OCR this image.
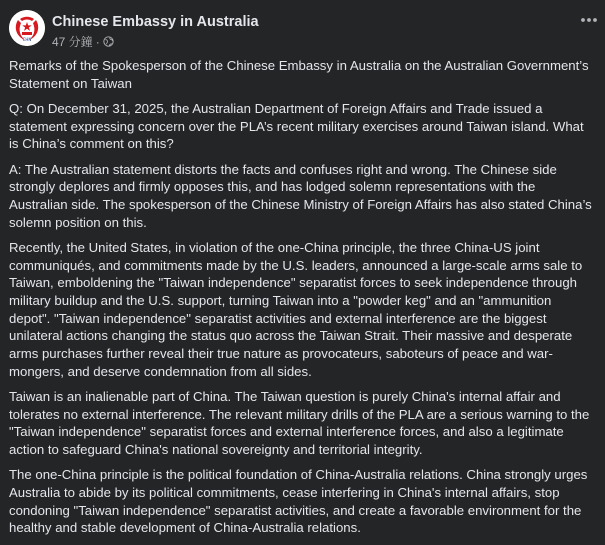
CHN
Chinese Embassy in Australia
47 分鐘 ·

Remarks of the Spokesperson of the Chinese Embassy in Australia on the Australian Government’s Statement on Taiwan

Q: On December 31, 2025, the Australian Department of Foreign Affairs and Trade issued a statement expressing concern over the PLA’s recent military exercises around Taiwan island. What is China’s comment on this?

A: The Australian statement distorts the facts and confuses right and wrong. The Chinese side strongly deplores and firmly opposes this, and has lodged solemn representations with the Australian side. The spokesperson of the Chinese Ministry of Foreign Affairs has also stated China’s solemn position on this.

Recently, the United States, in violation of the one-China principle, the three China-US joint communiqués, and commitments made by the U.S. leaders, announced a large-scale arms sale to Taiwan, emboldening the "Taiwan independence" separatist forces to seek independence through military buildup and the U.S. support, turning Taiwan into a "powder keg" and an "ammunition depot". "Taiwan independence" separatist activities and external interference are the biggest unilateral actions changing the status quo across the Taiwan Strait. Their massive and desperate arms purchases further reveal their true nature as provocateurs, saboteurs of peace and war-mongers, and deserve condemnation from all sides.

Taiwan is an inalienable part of China. The Taiwan question is purely China's internal affair and tolerates no external interference. The relevant military drills of the PLA are a serious warning to the "Taiwan independence" separatist forces and external interference forces, and also a legitimate action to safeguard China's national sovereignty and territorial integrity.

The one-China principle is the political foundation of China-Australia relations. China strongly urges Australia to abide by its political commitments, cease interfering in China's internal affairs, stop condoning "Taiwan independence" separatist activities, and create a favorable environment for the healthy and stable development of China-Australia relations.
